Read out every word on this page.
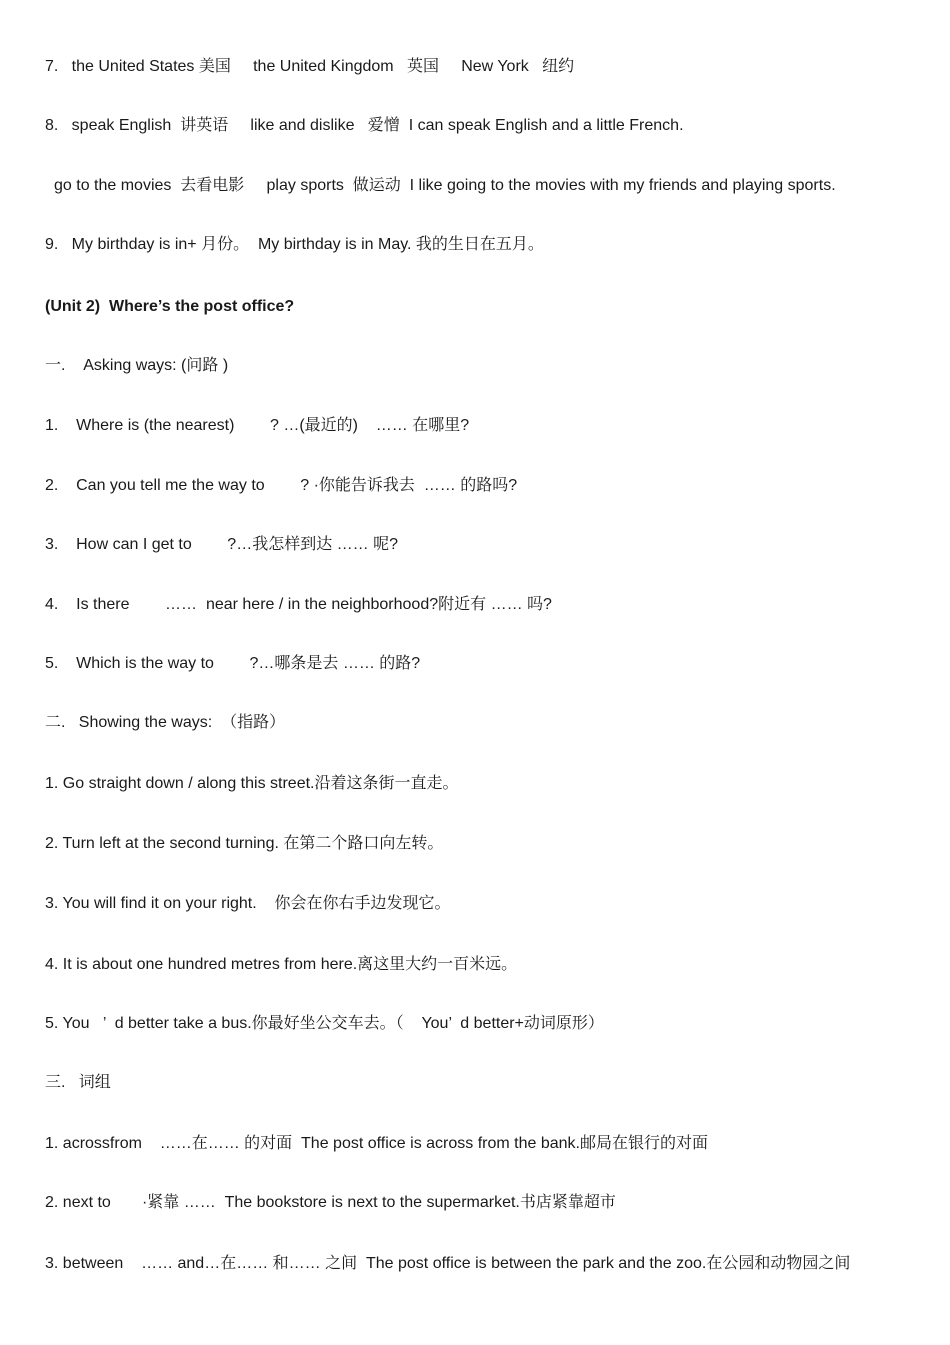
7.   the United States 美国     the United Kingdom   英国     New York   纽约
8.   speak English  讲英语     like and dislike   爱憎  I can speak English and a little French.
go to the movies  去看电影     play sports  做运动  I like going to the movies with my friends and playing sports.
9.   My birthday is in+ 月份。  My birthday is in May. 我的生日在五月。
(Unit 2)  Where’s the post office?
一.    Asking ways: (问路 )
1.    Where is (the nearest)        ? …(最近的)    …… 在哪里?
2.    Can you tell me the way to        ? ·你能告诉我去  …… 的路吗?
3.    How can I get to        ?…我怎样到达 …… 呢?
4.    Is there        ……  near here / in the neighborhood?附近有 …… 吗?
5.    Which is the way to        ?…哪条是去 …… 的路?
二.   Showing the ways:  （指路）
1. Go straight down / along this street.沿着这条街一直走。
2. Turn left at the second turning. 在第二个路口向左转。
3. You will find it on your right.    你会在你右手边发现它。
4. It is about one hundred metres from here.离这里大约一百米远。
5. You   ’  d better take a bus.你最好坐公交车去。（    You’  d better+动词原形）
三.   词组
1. acrossfrom    ……在…… 的对面  The post office is across from the bank.邮局在银行的对面
2. next to       ·紧靠 ……  The bookstore is next to the supermarket.书店紧靠超市
3. between    …… and…在…… 和…… 之间  The post office is between the park and the zoo.在公园和动物园之间
